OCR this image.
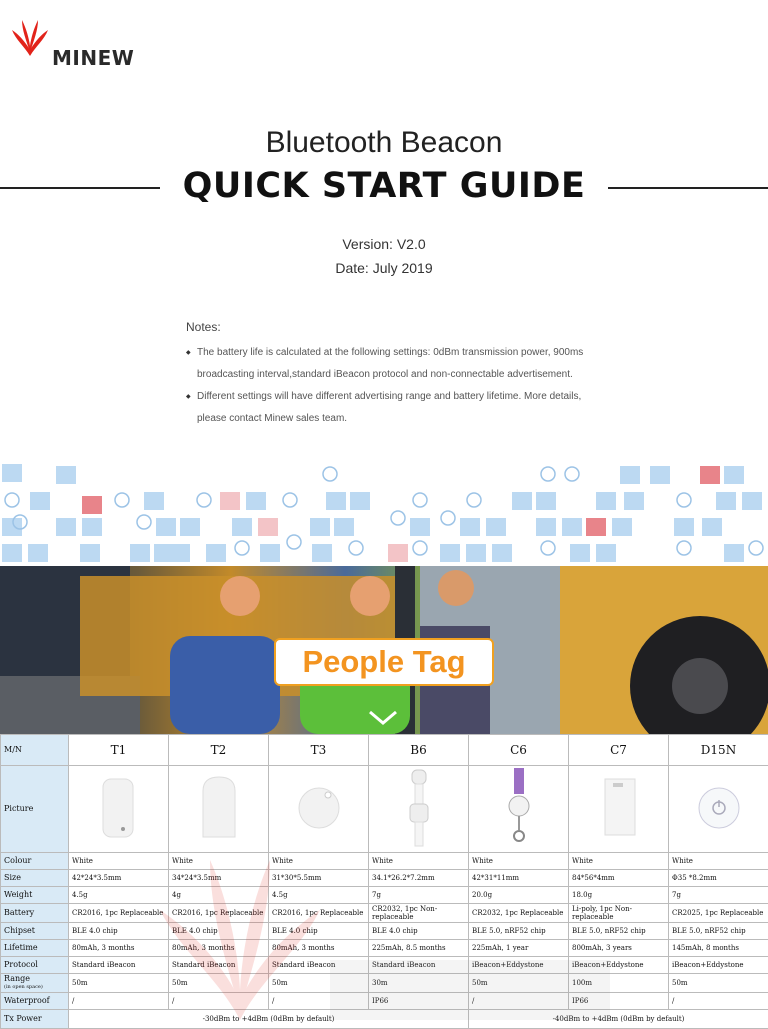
MINEW
Bluetooth Beacon
QUICK START GUIDE
Version: V2.0
Date: July 2019
Notes:
◆ The battery life is calculated at the following settings: 0dBm transmission power, 900ms broadcasting interval,standard iBeacon protocol and non-connectable advertisement.
◆ Different settings will have different advertising range and battery lifetime. More details, please contact Minew sales team.
People Tag
M/N	T1	T2	T3	B6	C6	C7	D15N
Picture							
Colour	White	White	White	White	White	White	White
Size	42*24*3.5mm	34*24*3.5mm	31*30*5.5mm	34.1*26.2*7.2mm	42*31*11mm	84*56*4mm	Φ35 *8.2mm
Weight	4.5g	4g	4.5g	7g	20.0g	18.0g	7g
Battery	CR2016, 1pc Replaceable	CR2016, 1pc Replaceable	CR2016, 1pc Replaceable	CR2032, 1pc Non-replaceable	CR2032, 1pc Replaceable	Li-poly, 1pc Non-replaceable	CR2025, 1pc Replaceable
Chipset	BLE 4.0 chip	BLE 4.0 chip	BLE 4.0 chip	BLE 4.0 chip	BLE 5.0, nRF52 chip	BLE 5.0, nRF52 chip	BLE 5.0, nRF52 chip
Lifetime	80mAh, 3 months	80mAh, 3 months	80mAh, 3 months	225mAh, 8.5 months	225mAh, 1 year	800mAh, 3 years	145mAh, 8 months
Protocol	Standard iBeacon	Standard iBeacon	Standard iBeacon	Standard iBeacon	iBeacon+Eddystone	iBeacon+Eddystone	iBeacon+Eddystone
Range
(in open space)	50m	50m	50m	30m	50m	100m	50m
Waterproof	/	/	/	IP66	/	IP66	/
Tx Power	-30dBm to +4dBm (0dBm by default)				-40dBm to +4dBm (0dBm by default)		
